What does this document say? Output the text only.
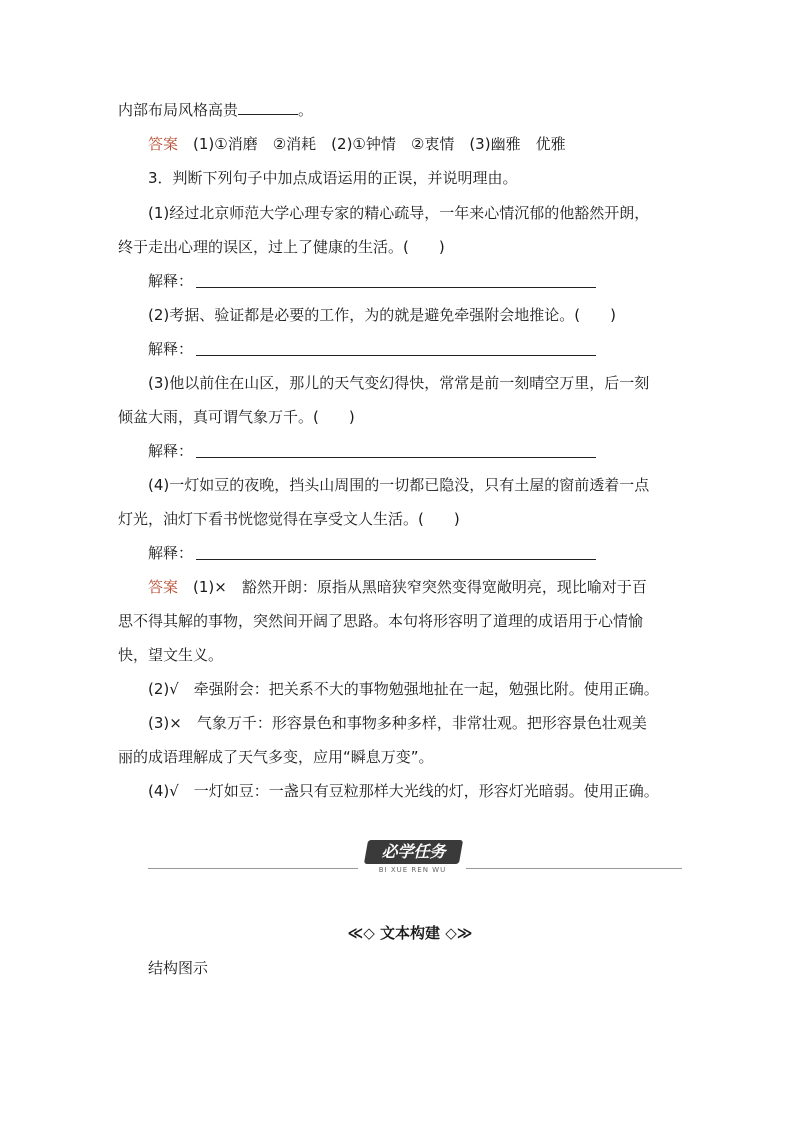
内部布局风格高贵	。
答案　 (1)①消磨　②消耗　(2)①钟情　②衷情　(3)幽雅　优雅
3．判断下列句子中加点成语运用的正误，并说明理由。
(1)经过北京师范大学心理专家的精心疏导，一年来心情沉郁的他豁然开朗，
终于走出心理的误区，过上了健康的生活。(　　)
解释：
(2)考据、验证都是必要的工作，为的就是避免牵强附会地推论。(　　)
解释：
(3)他以前住在山区，那儿的天气变幻得快，常常是前一刻晴空万里，后一刻
倾盆大雨，真可谓气象万千。(　　)
解释：
(4)一灯如豆的夜晚，挡头山周围的一切都已隐没，只有土屋的窗前透着一点
灯光，油灯下看书恍惚觉得在享受文人生活。(　　)
解释：
答案　 (1)×　豁然开朗：原指从黑暗狭窄突然变得宽敞明亮，现比喻对于百
思不得其解的事物，突然间开阔了思路。本句将形容明了道理的成语用于心情愉
快，望文生义。
(2)√　牵强附会：把关系不大的事物勉强地扯在一起，勉强比附。使用正确。
(3)×　气象万千：形容景色和事物多种多样，非常壮观。把形容景色壮观美
丽的成语理解成了天气多变，应用“瞬息万变”。
(4)√　一灯如豆：一盏只有豆粒那样大光线的灯，形容灯光暗弱。使用正确。
必学任务
BI XUE REN WU
≪◇ 文本构建 ◇≫
结构图示
